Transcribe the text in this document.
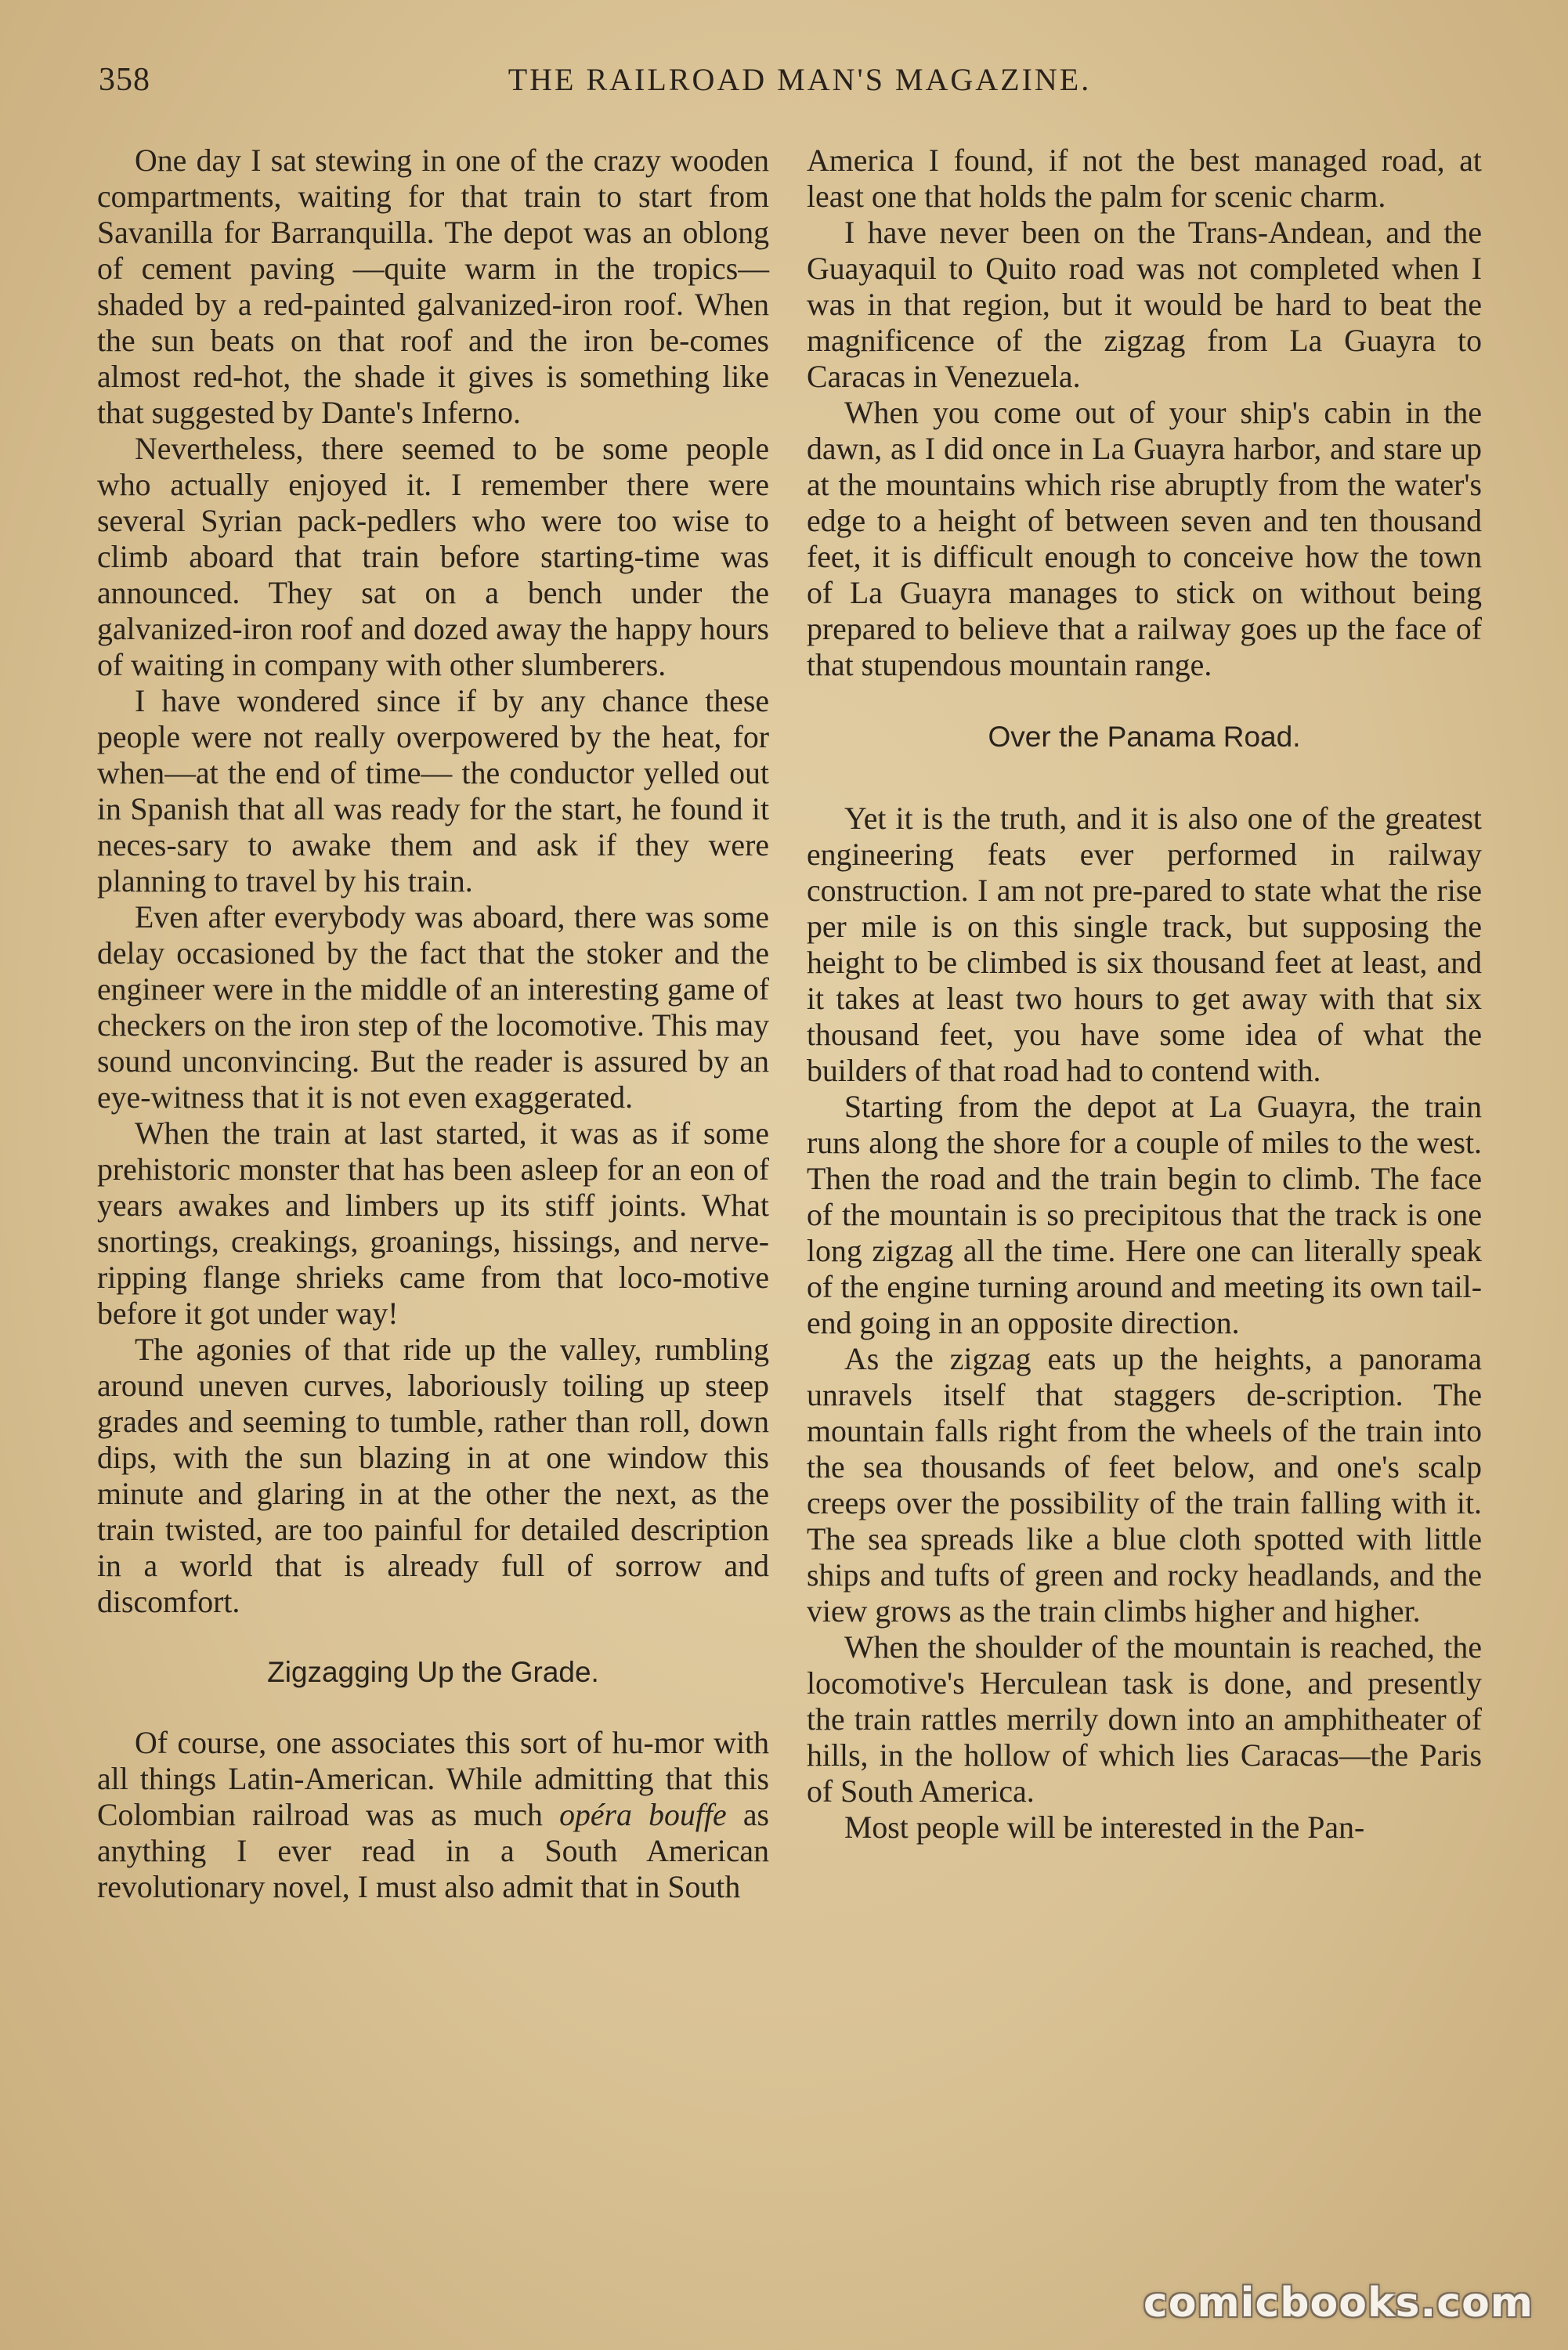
358	THE RAILROAD MAN'S MAGAZINE.

One day I sat stewing in one of the crazy wooden compartments, waiting for that train to start from Savanilla for Barranquilla. The depot was an oblong of cement paving —quite warm in the tropics—shaded by a red-painted galvanized-iron roof. When the sun beats on that roof and the iron be-comes almost red-hot, the shade it gives is something like that suggested by Dante's Inferno.

Nevertheless, there seemed to be some people who actually enjoyed it. I remember there were several Syrian pack-pedlers who were too wise to climb aboard that train before starting-time was announced. They sat on a bench under the galvanized-iron roof and dozed away the happy hours of waiting in company with other slumberers.

I have wondered since if by any chance these people were not really overpowered by the heat, for when—at the end of time— the conductor yelled out in Spanish that all was ready for the start, he found it neces-sary to awake them and ask if they were planning to travel by his train.

Even after everybody was aboard, there was some delay occasioned by the fact that the stoker and the engineer were in the middle of an interesting game of checkers on the iron step of the locomotive. This may sound unconvincing. But the reader is assured by an eye-witness that it is not even exaggerated.

When the train at last started, it was as if some prehistoric monster that has been asleep for an eon of years awakes and limbers up its stiff joints. What snortings, creakings, groanings, hissings, and nerve-ripping flange shrieks came from that loco-motive before it got under way!

The agonies of that ride up the valley, rumbling around uneven curves, laboriously toiling up steep grades and seeming to tumble, rather than roll, down dips, with the sun blazing in at one window this minute and glaring in at the other the next, as the train twisted, are too painful for detailed description in a world that is already full of sorrow and discomfort.

Zigzagging Up the Grade.

Of course, one associates this sort of hu-mor with all things Latin-American. While admitting that this Colombian railroad was as much opéra bouffe as anything I ever read in a South American revolutionary novel, I must also admit that in South

America I found, if not the best managed road, at least one that holds the palm for scenic charm.

I have never been on the Trans-Andean, and the Guayaquil to Quito road was not completed when I was in that region, but it would be hard to beat the magnificence of the zigzag from La Guayra to Caracas in Venezuela.

When you come out of your ship's cabin in the dawn, as I did once in La Guayra harbor, and stare up at the mountains which rise abruptly from the water's edge to a height of between seven and ten thousand feet, it is difficult enough to conceive how the town of La Guayra manages to stick on without being prepared to believe that a railway goes up the face of that stupendous mountain range.

Over the Panama Road.

Yet it is the truth, and it is also one of the greatest engineering feats ever performed in railway construction. I am not pre-pared to state what the rise per mile is on this single track, but supposing the height to be climbed is six thousand feet at least, and it takes at least two hours to get away with that six thousand feet, you have some idea of what the builders of that road had to contend with.

Starting from the depot at La Guayra, the train runs along the shore for a couple of miles to the west. Then the road and the train begin to climb. The face of the mountain is so precipitous that the track is one long zigzag all the time. Here one can literally speak of the engine turning around and meeting its own tail-end going in an opposite direction.

As the zigzag eats up the heights, a panorama unravels itself that staggers de-scription. The mountain falls right from the wheels of the train into the sea thousands of feet below, and one's scalp creeps over the possibility of the train falling with it. The sea spreads like a blue cloth spotted with little ships and tufts of green and rocky headlands, and the view grows as the train climbs higher and higher.

When the shoulder of the mountain is reached, the locomotive's Herculean task is done, and presently the train rattles merrily down into an amphitheater of hills, in the hollow of which lies Caracas—the Paris of South America.

Most people will be interested in the Pan-

comicbooks.com
